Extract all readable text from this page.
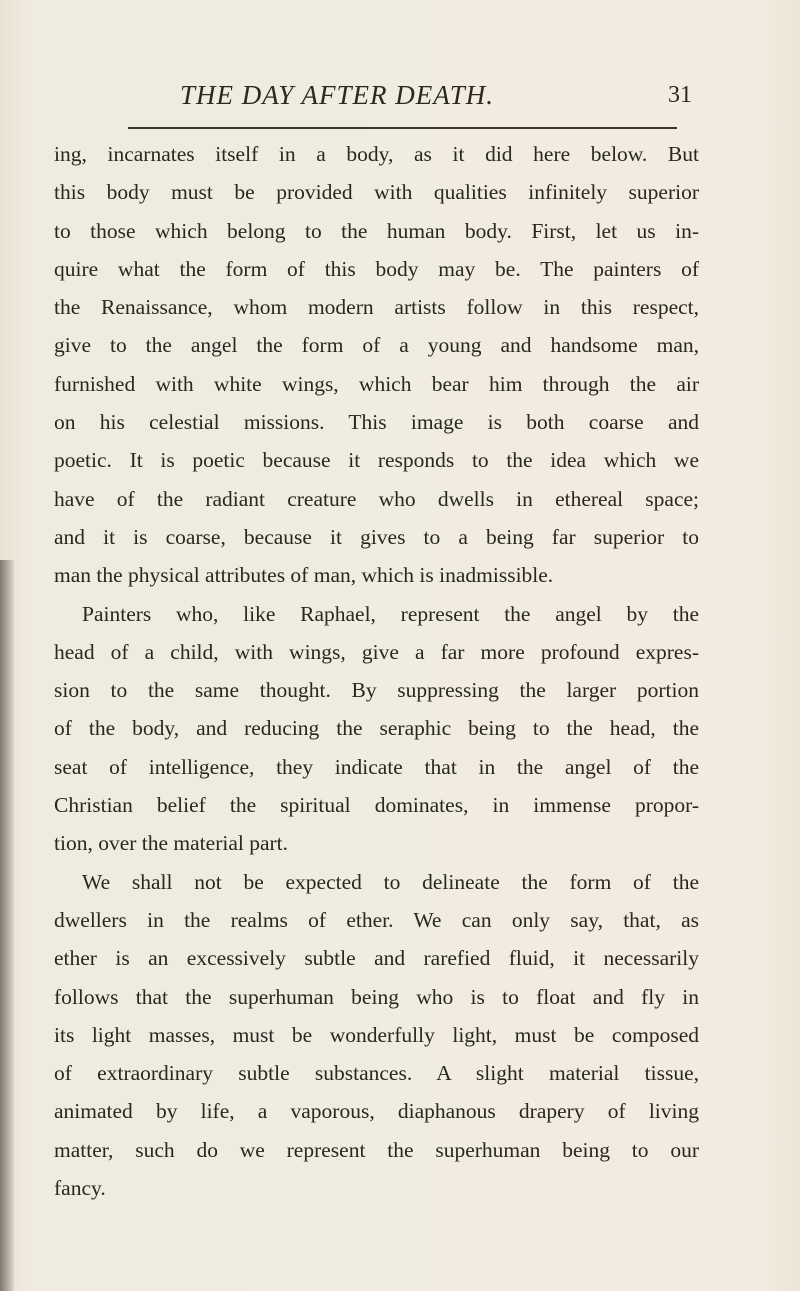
THE DAY AFTER DEATH.	31
ing, incarnates itself in a body, as it did here below. But
this body must be provided with qualities infinitely superior
to those which belong to the human body. First, let us in-
quire what the form of this body may be. The painters of
the Renaissance, whom modern artists follow in this respect,
give to the angel the form of a young and handsome man,
furnished with white wings, which bear him through the air
on his celestial missions. This image is both coarse and
poetic. It is poetic because it responds to the idea which we
have of the radiant creature who dwells in ethereal space;
and it is coarse, because it gives to a being far superior to
man the physical attributes of man, which is inadmissible.
Painters who, like Raphael, represent the angel by the
head of a child, with wings, give a far more profound expres-
sion to the same thought. By suppressing the larger portion
of the body, and reducing the seraphic being to the head, the
seat of intelligence, they indicate that in the angel of the
Christian belief the spiritual dominates, in immense propor-
tion, over the material part.
We shall not be expected to delineate the form of the
dwellers in the realms of ether. We can only say, that, as
ether is an excessively subtle and rarefied fluid, it necessarily
follows that the superhuman being who is to float and fly in
its light masses, must be wonderfully light, must be composed
of extraordinary subtle substances. A slight material tissue,
animated by life, a vaporous, diaphanous drapery of living
matter, such do we represent the superhuman being to our
fancy.
